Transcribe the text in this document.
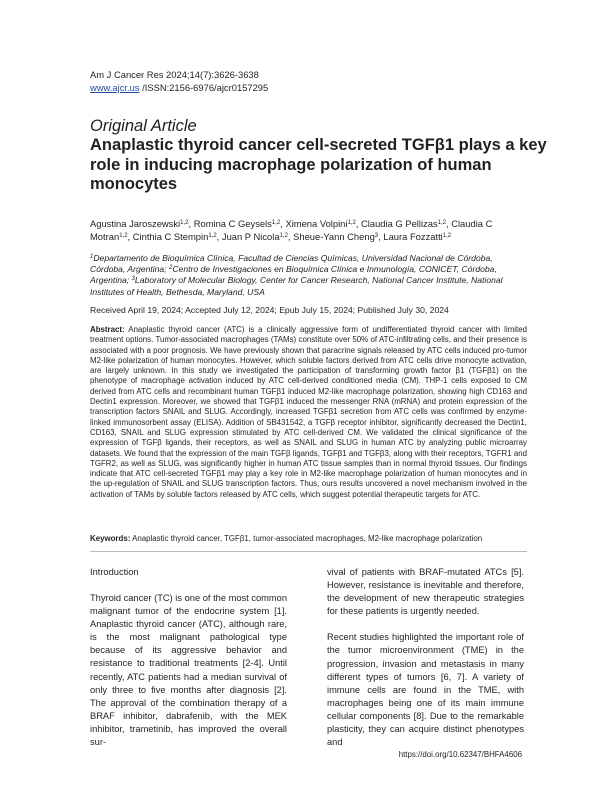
Am J Cancer Res 2024;14(7):3626-3638
www.ajcr.us /ISSN:2156-6976/ajcr0157295
Original Article
Anaplastic thyroid cancer cell-secreted TGFβ1 plays a key role in inducing macrophage polarization of human monocytes
Agustina Jaroszewski$^{1,2}$, Romina C Geysels$^{1,2}$, Ximena Volpini$^{1,2}$, Claudia G Pellizas$^{1,2}$, Claudia C Motran$^{1,2}$, Cinthia C Stempin$^{1,2}$, Juan P Nicola$^{1,2}$, Sheue-Yann Cheng$^3$, Laura Fozzatti$^{1,2}$
$^1$Departamento de Bioquímica Clínica, Facultad de Ciencias Químicas, Universidad Nacional de Córdoba, Córdoba, Argentina; $^2$Centro de Investigaciones en Bioquímica Clínica e Inmunología, CONICET, Córdoba, Argentina; $^3$Laboratory of Molecular Biology, Center for Cancer Research, National Cancer Institute, National Institutes of Health, Bethesda, Maryland, USA
Received April 19, 2024; Accepted July 12, 2024; Epub July 15, 2024; Published July 30, 2024
Abstract: Anaplastic thyroid cancer (ATC) is a clinically aggressive form of undifferentiated thyroid cancer with limited treatment options. Tumor-associated macrophages (TAMs) constitute over 50% of ATC-infiltrating cells, and their presence is associated with a poor prognosis. We have previously shown that paracrine signals released by ATC cells induced pro-tumor M2-like polarization of human monocytes. However, which soluble factors derived from ATC cells drive monocyte activation, are largely unknown. In this study we investigated the participation of transforming growth factor β1 (TGFβ1) on the phenotype of macrophage activation induced by ATC cell-derived conditioned media (CM). THP-1 cells exposed to CM derived from ATC cells and recombinant human TGFβ1 induced M2-like macrophage polarization, showing high CD163 and Dectin1 expression. Moreover, we showed that TGFβ1 induced the messenger RNA (mRNA) and protein expression of the transcription factors SNAIL and SLUG. Accordingly, increased TGFβ1 secretion from ATC cells was confirmed by enzyme-linked immunosorbent assay (ELISA). Addition of SB431542, a TGFβ receptor inhibitor, significantly decreased the Dectin1, CD163, SNAIL and SLUG expression stimulated by ATC cell-derived CM. We validated the clinical significance of the expression of TGFβ ligands, their receptors, as well as SNAIL and SLUG in human ATC by analyzing public microarray datasets. We found that the expression of the main TGFβ ligands, TGFβ1 and TGFβ3, along with their receptors, TGFR1 and TGFR2, as well as SLUG, was significantly higher in human ATC tissue samples than in normal thyroid tissues. Our findings indicate that ATC cell-secreted TGFβ1 may play a key role in M2-like macrophage polarization of human monocytes and in the up-regulation of SNAIL and SLUG transcription factors. Thus, ours results uncovered a novel mechanism involved in the activation of TAMs by soluble factors released by ATC cells, which suggest potential therapeutic targets for ATC.
Keywords: Anaplastic thyroid cancer, TGFβ1, tumor-associated macrophages, M2-like macrophage polarization
Introduction

Thyroid cancer (TC) is one of the most common malignant tumor of the endocrine system [1]. Anaplastic thyroid cancer (ATC), although rare, is the most malignant pathological type because of its aggressive behavior and resistance to traditional treatments [2-4]. Until recently, ATC patients had a median survival of only three to five months after diagnosis [2]. The approval of the combination therapy of a BRAF inhibitor, dabrafenib, with the MEK inhibitor, trametinib, has improved the overall sur-

vival of patients with BRAF-mutated ATCs [5]. However, resistance is inevitable and therefore, the development of new therapeutic strategies for these patients is urgently needed.

Recent studies highlighted the important role of the tumor microenvironment (TME) in the progression, invasion and metastasis in many different types of tumors [6, 7]. A variety of immune cells are found in the TME, with macrophages being one of its main immune cellular components [8]. Due to the remarkable plasticity, they can acquire distinct phenotypes and

https://doi.org/10.62347/BHFA4606
